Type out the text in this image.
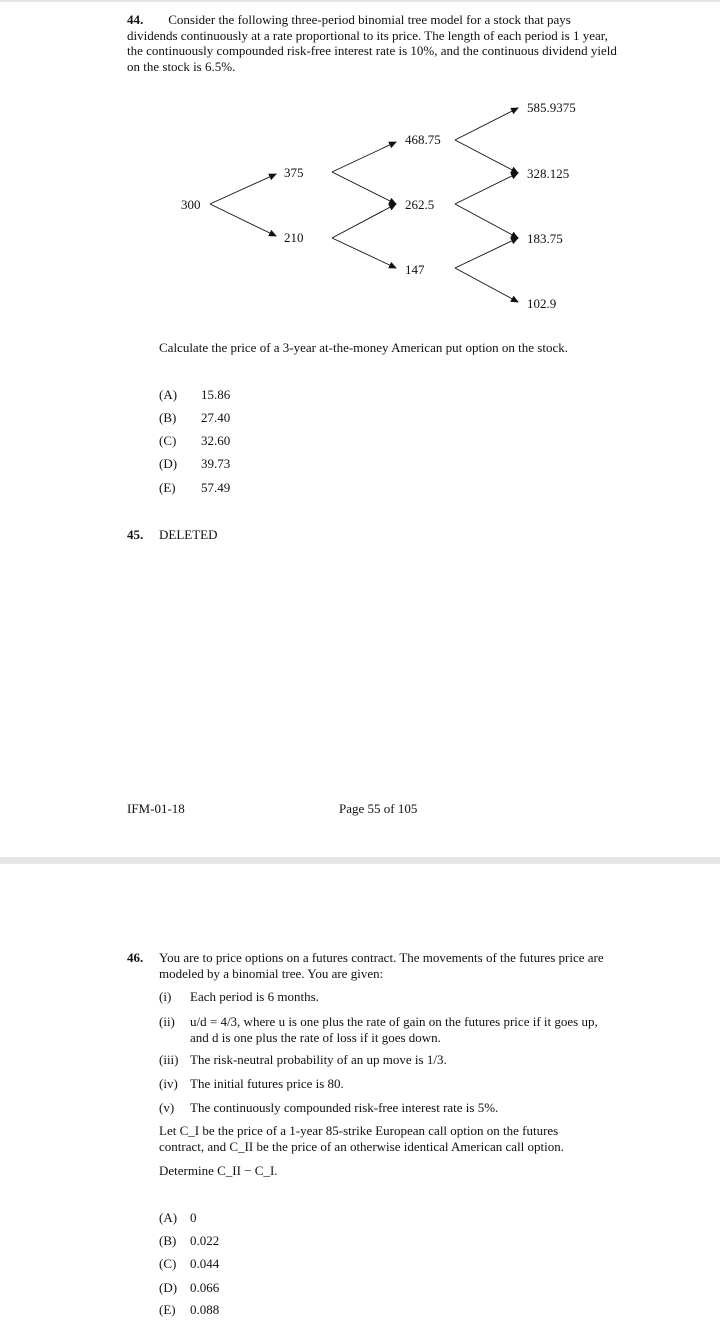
44. Consider the following three-period binomial tree model for a stock that pays dividends continuously at a rate proportional to its price. The length of each period is 1 year, the continuously compounded risk-free interest rate is 10%, and the continuous dividend yield on the stock is 6.5%.
300
375
210
468.75
262.5
147
585.9375
328.125
183.75
102.9
Calculate the price of a 3-year at-the-money American put option on the stock.
(A) 15.86
(B) 27.40
(C) 32.60
(D) 39.73
(E) 57.49
45. DELETED
IFM-01-18	Page 55 of 105
46. You are to price options on a futures contract. The movements of the futures price are modeled by a binomial tree. You are given:
(i) Each period is 6 months.
(ii) u/d = 4/3, where u is one plus the rate of gain on the futures price if it goes up,
and d is one plus the rate of loss if it goes down.
(iii) The risk-neutral probability of an up move is 1/3.
(iv) The initial futures price is 80.
(v) The continuously compounded risk-free interest rate is 5%.
Let C_I be the price of a 1-year 85-strike European call option on the futures contract, and C_II be the price of an otherwise identical American call option.
Determine C_II − C_I.
(A) 0
(B) 0.022
(C) 0.044
(D) 0.066
(E) 0.088
